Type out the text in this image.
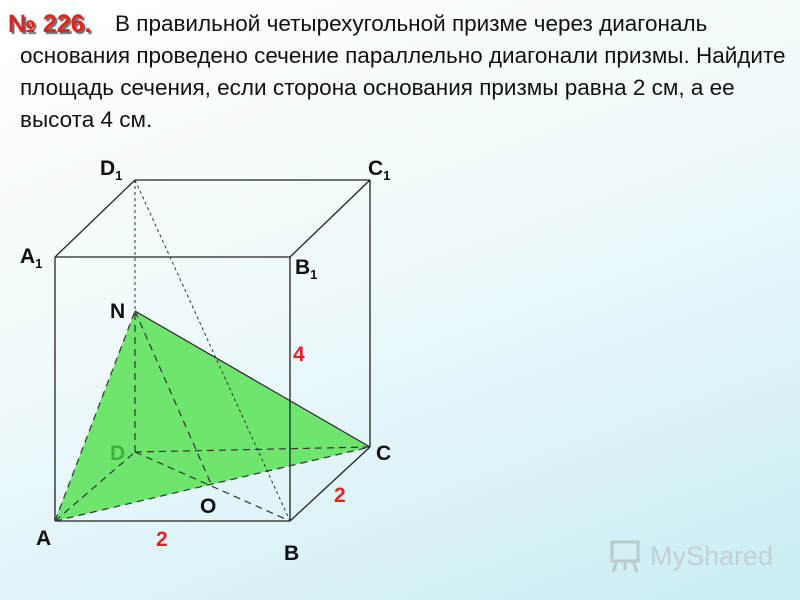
В правильной четырехугольной призме через диагональ основания проведено сечение параллельно диагонали призмы. Найдите площадь сечения, если сторона основания призмы равна 2 см, а ее высота 4 см.
№ 226.
$D_1$	$C_1$
$A_1$	$B_1$
N
D	C
O
A
B
4
2
2
MyShared
